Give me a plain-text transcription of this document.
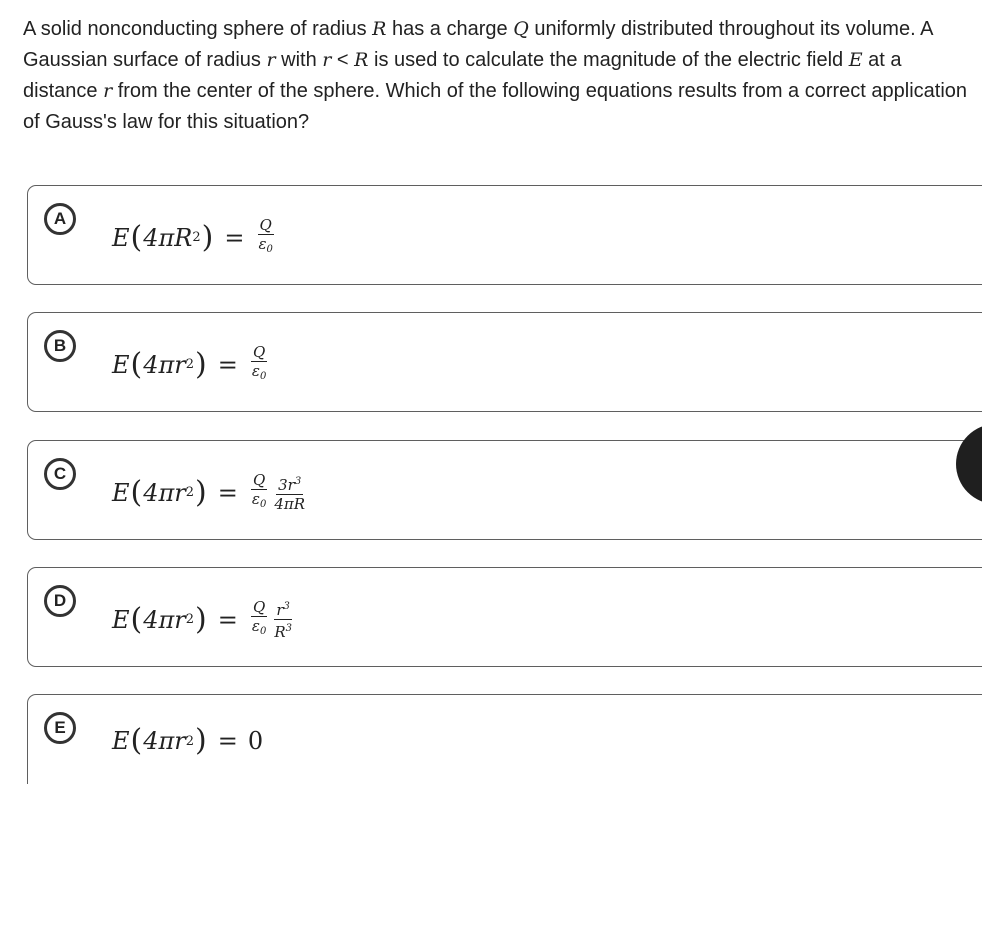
A solid nonconducting sphere of radius R has a charge Q uniformly distributed throughout its volume. A Gaussian surface of radius r with r < R is used to calculate the magnitude of the electric field E at a distance r from the center of the sphere. Which of the following equations results from a correct application of Gauss's law for this situation?

A
E ( 4πR 2 ) = $\frac{Q}{\varepsilon_0}$
B
E ( 4πr 2 ) = $\frac{Q}{\varepsilon_0}$
C
E ( 4πr 2 ) = $\frac{Q}{\varepsilon_0} \frac{3r^3}{4\pi R}$
D
E ( 4πr 2 ) = $\frac{Q}{\varepsilon_0} \frac{r^3}{R^3}$
E	E ( 4πr 2 ) = 0
